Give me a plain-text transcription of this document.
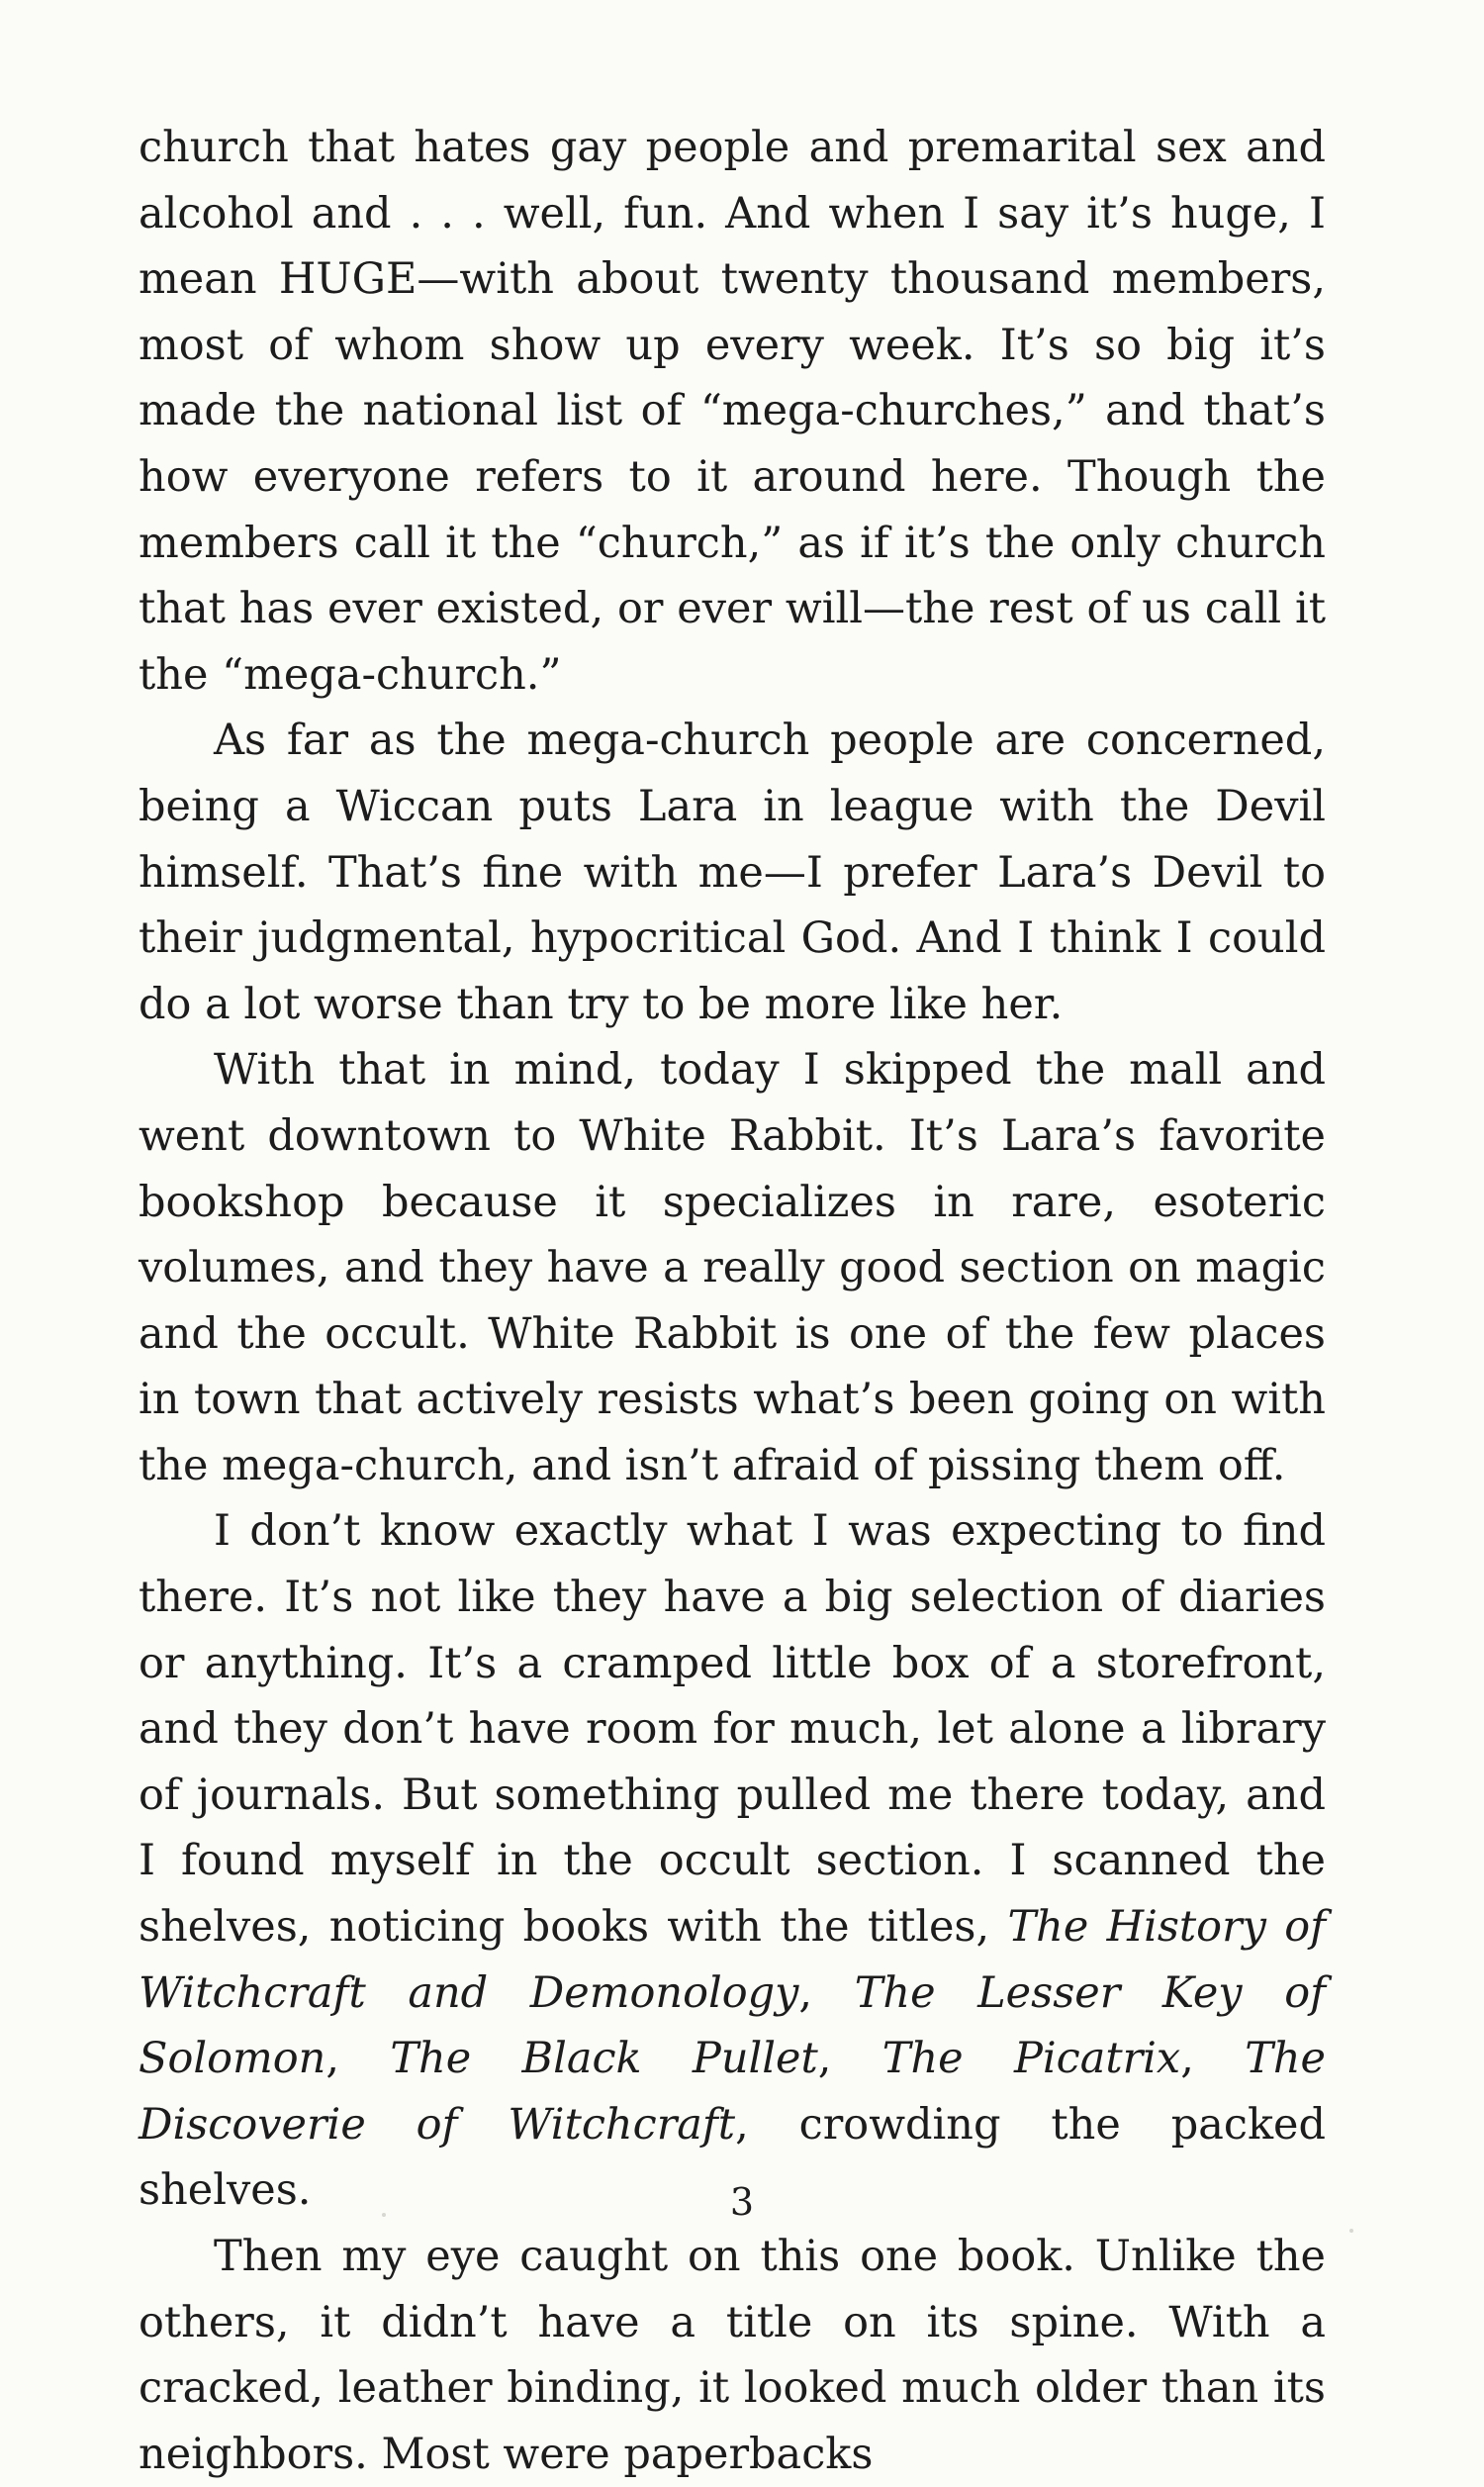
church that hates gay people and premarital sex and alcohol and . . . well, fun. And when I say it’s huge, I mean HUGE—with about twenty thousand members, most of whom show up every week. It’s so big it’s made the national list of “mega-churches,” and that’s how everyone refers to it around here. Though the members call it the “church,” as if it’s the only church that has ever existed, or ever will—the rest of us call it the “mega-church.”

As far as the mega-church people are concerned, being a Wiccan puts Lara in league with the Devil himself. That’s fine with me—I prefer Lara’s Devil to their judgmental, hypocritical God. And I think I could do a lot worse than try to be more like her.

With that in mind, today I skipped the mall and went downtown to White Rabbit. It’s Lara’s favorite bookshop because it specializes in rare, esoteric volumes, and they have a really good section on magic and the occult. White Rabbit is one of the few places in town that actively resists what’s been going on with the mega-church, and isn’t afraid of pissing them off.

I don’t know exactly what I was expecting to find there. It’s not like they have a big selection of diaries or anything. It’s a cramped little box of a storefront, and they don’t have room for much, let alone a library of journals. But something pulled me there today, and I found myself in the occult section. I scanned the shelves, noticing books with the titles, The History of Witchcraft and Demonology, The Lesser Key of Solomon, The Black Pullet, The Picatrix, The Discoverie of Witchcraft, crowding the packed shelves.

Then my eye caught on this one book. Unlike the others, it didn’t have a title on its spine. With a cracked, leather binding, it looked much older than its neighbors. Most were paperbacks

3
